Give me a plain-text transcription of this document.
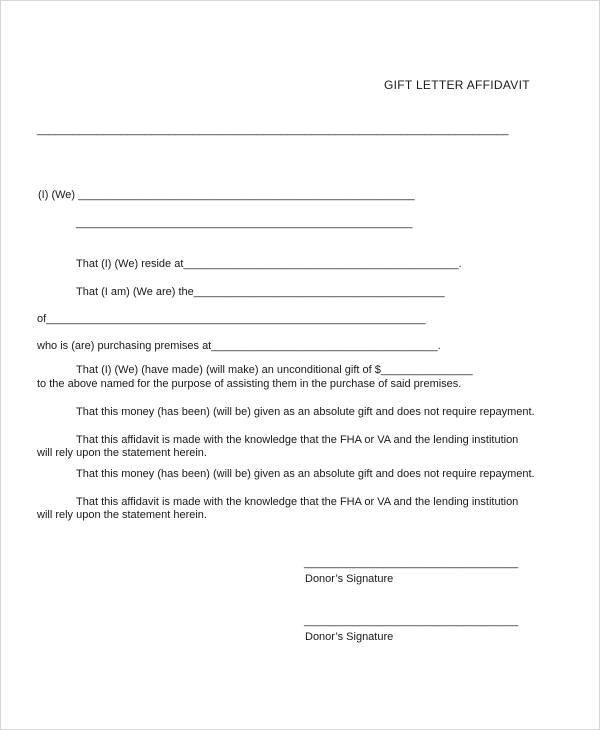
GIFT LETTER AFFIDAVIT
_______________________________________________________________________________
(I) (We) _______________________________________________________
_______________________________________________________
That (I) (We) reside at_____________________________________________.
That (I am) (We are) the_________________________________________
of______________________________________________________________
who is (are) purchasing premises at_____________________________________.
That (I) (We) (have made) (will make) an unconditional gift of $_______________
to the above named for the purpose of assisting them in the purchase of said premises.
That this money (has been) (will be) given as an absolute gift and does not require repayment.
That this affidavit is made with the knowledge that the FHA or VA and the lending institution
will rely upon the statement herein.
That this money (has been) (will be) given as an absolute gift and does not require repayment.
That this affidavit is made with the knowledge that the FHA or VA and the lending institution
will rely upon the statement herein.
___________________________________
Donor’s Signature
___________________________________
Donor’s Signature
